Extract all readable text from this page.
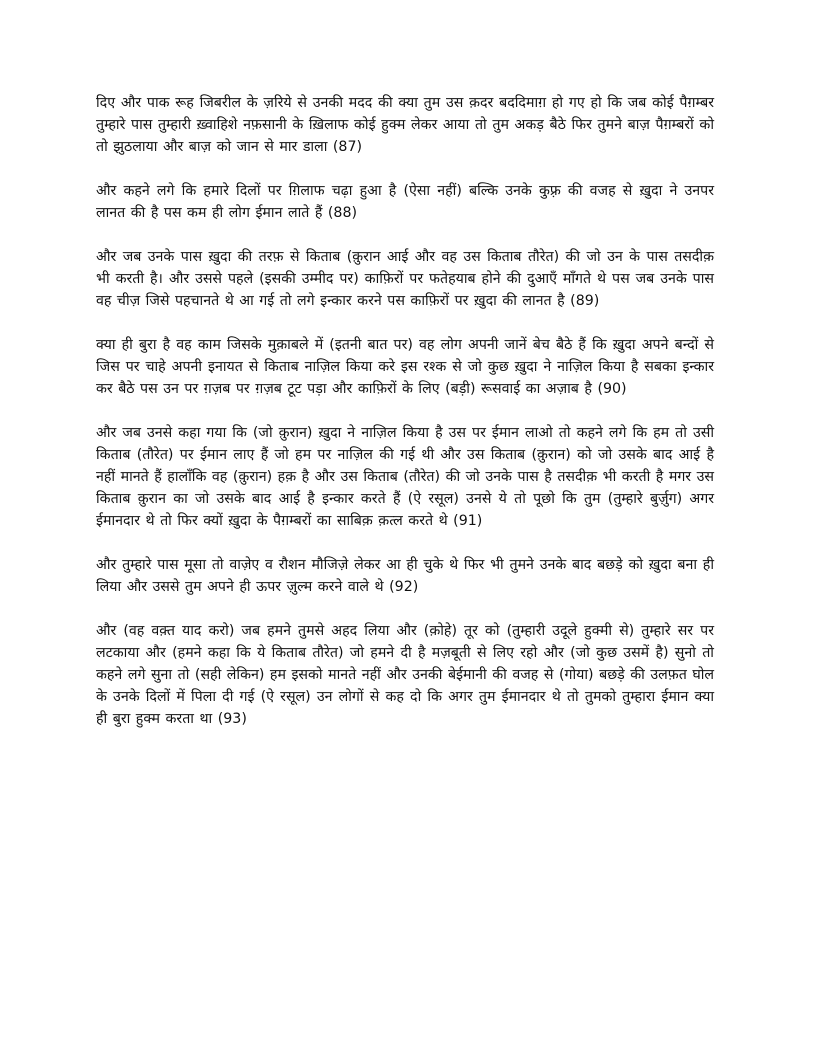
दिए और पाक रूह जिबरील के ज़रिये से उनकी मदद की क्या तुम उस क़दर बददिमाग़ हो गए हो कि जब कोई पैग़म्बर तुम्हारे पास तुम्हारी ख़्वाहिशे नफ़सानी के ख़िलाफ कोई हुक्म लेकर आया तो तुम अकड़ बैठे फिर तुमने बाज़ पैग़म्बरों को तो झुठलाया और बाज़ को जान से मार डाला (87)

और कहने लगे कि हमारे दिलों पर ग़िलाफ चढ़ा हुआ है (ऐसा नहीं) बल्कि उनके कुफ़्र की वजह से ख़ुदा ने उनपर लानत की है पस कम ही लोग ईमान लाते हैं (88)

और जब उनके पास ख़ुदा की तरफ़ से किताब (क़ुरान आई और वह उस किताब तौरेत) की जो उन के पास तसदीक़ भी करती है। और उससे पहले (इसकी उम्मीद पर) काफ़िरों पर फतेहयाब होने की दुआएँ माँगते थे पस जब उनके पास वह चीज़ जिसे पहचानते थे आ गई तो लगे इन्कार करने पस काफ़िरों पर ख़ुदा की लानत है (89)

क्या ही बुरा है वह काम जिसके मुक़ाबले में (इतनी बात पर) वह लोग अपनी जानें बेच बैठे हैं कि ख़ुदा अपने बन्दों से जिस पर चाहे अपनी इनायत से किताब नाज़िल किया करे इस रश्क से जो कुछ ख़ुदा ने नाज़िल किया है सबका इन्कार कर बैठे पस उन पर ग़ज़ब पर ग़ज़ब टूट पड़ा और काफ़िरों के लिए (बड़ी) रूसवाई का अज़ाब है (90)

और जब उनसे कहा गया कि (जो क़ुरान) ख़ुदा ने नाज़िल किया है उस पर ईमान लाओ तो कहने लगे कि हम तो उसी किताब (तौरेत) पर ईमान लाए हैं जो हम पर नाज़िल की गई थी और उस किताब (क़ुरान) को जो उसके बाद आई है नहीं मानते हैं हालाँकि वह (क़ुरान) हक़ है और उस किताब (तौरेत) की जो उनके पास है तसदीक़ भी करती है मगर उस किताब क़ुरान का जो उसके बाद आई है इन्कार करते हैं (ऐ रसूल) उनसे ये तो पूछो कि तुम (तुम्हारे बुर्ज़ुग) अगर ईमानदार थे तो फिर क्यों ख़ुदा के पैग़म्बरों का साबिक़ क़त्ल करते थे (91)

और तुम्हारे पास मूसा तो वाज़ेए व रौशन मौजिज़े लेकर आ ही चुके थे फिर भी तुमने उनके बाद बछड़े को ख़ुदा बना ही लिया और उससे तुम अपने ही ऊपर ज़ुल्म करने वाले थे (92)

और (वह वक़्त याद करो) जब हमने तुमसे अहद लिया और (क़ोहे) तूर को (तुम्हारी उदूले हुक्मी से) तुम्हारे सर पर लटकाया और (हमने कहा कि ये किताब तौरेत) जो हमने दी है मज़बूती से लिए रहो और (जो कुछ उसमें है) सुनो तो कहने लगे सुना तो (सही लेकिन) हम इसको मानते नहीं और उनकी बेईमानी की वजह से (गोया) बछड़े की उलफ़त घोल के उनके दिलों में पिला दी गई (ऐ रसूल) उन लोगों से कह दो कि अगर तुम ईमानदार थे तो तुमको तुम्हारा ईमान क्या ही बुरा हुक्म करता था (93)
